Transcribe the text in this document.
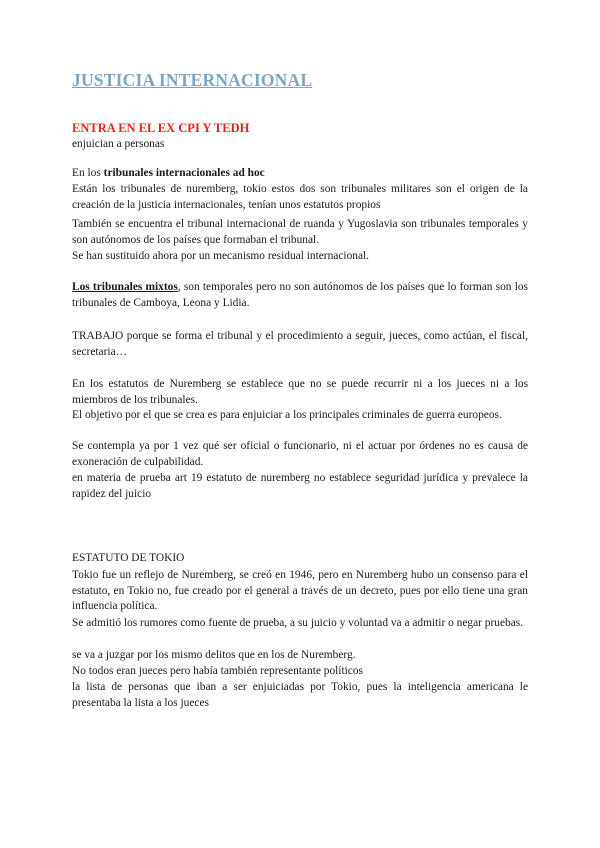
JUSTICIA INTERNACIONAL
ENTRA EN EL EX CPI Y TEDH

enjuician a personas

En los tribunales internacionales ad hoc

Están los tribunales de nuremberg, tokio estos dos son tribunales militares son el origen de la creación de la justicia internacionales, tenían unos estatutos propios

También se encuentra el tribunal internacional de ruanda y Yugoslavia son tribunales temporales y son autónomos de los países que formaban el tribunal.

Se han sustituido ahora por un mecanismo residual internacional.

Los tribunales mixtos, son temporales pero no son autónomos de los países que lo forman son los tribunales de Camboya, Leona y Lidia.

TRABAJO porque se forma el tribunal y el procedimiento a seguir, jueces, como actúan, el fiscal, secretaria…

En los estatutos de Nuremberg se establece que no se puede recurrir ni a los jueces ni a los miembros de los tribunales.

El objetivo por el que se crea es para enjuiciar a los principales criminales de guerra europeos.

Se contempla ya por 1 vez qué ser oficial o funcionario, ni el actuar por órdenes no es causa de exoneración de culpabilidad.

en materia de prueba art 19 estatuto de nuremberg no establece seguridad jurídica y prevalece la rapidez del juicio

ESTATUTO DE TOKIO

Tokio fue un reflejo de Nuremberg, se creó en 1946, pero en Nuremberg hubo un consenso para el estatuto, en Tokio no, fue creado por el general a través de un decreto, pues por ello tiene una gran influencia política.

Se admitió los rumores como fuente de prueba, a su juicio y voluntad va a admitir o negar pruebas.

se va a juzgar por los mismo delitos que en los de Nuremberg.

No todos eran jueces pero había también representante políticos

la lista de personas que iban a ser enjuiciadas por Tokio, pues la inteligencia americana le presentaba la lista a los jueces
